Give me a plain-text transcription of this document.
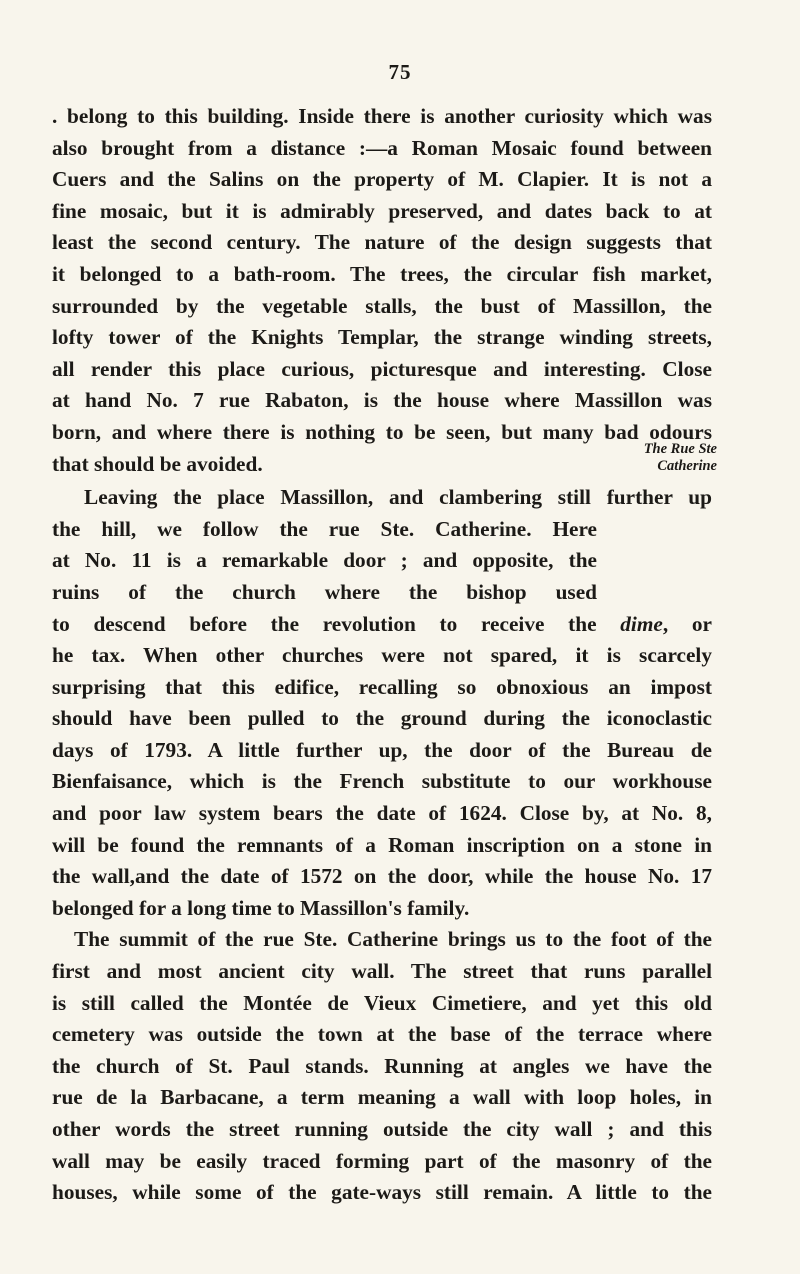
75
. belong to this building. Inside there is another curiosity which was
also brought from a distance :—a Roman Mosaic found between
Cuers and the Salins on the property of M. Clapier. It is not a
fine mosaic, but it is admirably preserved, and dates back to at
least the second century. The nature of the design suggests that
it belonged to a bath-room. The trees, the circular fish market,
surrounded by the vegetable stalls, the bust of Massillon, the
lofty tower of the Knights Templar, the strange winding streets,
all render this place curious, picturesque and interesting. Close
at hand No. 7 rue Rabaton, is the house where Massillon was
born, and where there is nothing to be seen, but many bad odours
that should be avoided.
Leaving the place Massillon, and clambering still further up
the hill, we follow the rue Ste. Catherine. Here
at No. 11 is a remarkable door ; and opposite, the
ruins of the church where the bishop used
to descend before the revolution to receive the dime, or
he tax. When other churches were not spared, it is scarcely
surprising that this edifice, recalling so obnoxious an impost
should have been pulled to the ground during the iconoclastic
days of 1793. A little further up, the door of the Bureau de
Bienfaisance, which is the French substitute to our workhouse
and poor law system bears the date of 1624. Close by, at No. 8,
will be found the remnants of a Roman inscription on a stone in
the wall,and the date of 1572 on the door, while the house No. 17
belonged for a long time to Massillon's family.
The summit of the rue Ste. Catherine brings us to the foot of the
first and most ancient city wall. The street that runs parallel
is still called the Montée de Vieux Cimetiere, and yet this old
cemetery was outside the town at the base of the terrace where
the church of St. Paul stands. Running at angles we have the
rue de la Barbacane, a term meaning a wall with loop holes, in
other words the street running outside the city wall ; and this
wall may be easily traced forming part of the masonry of the
houses, while some of the gate-ways still remain. A little to the
The Rue Ste
Catherine
